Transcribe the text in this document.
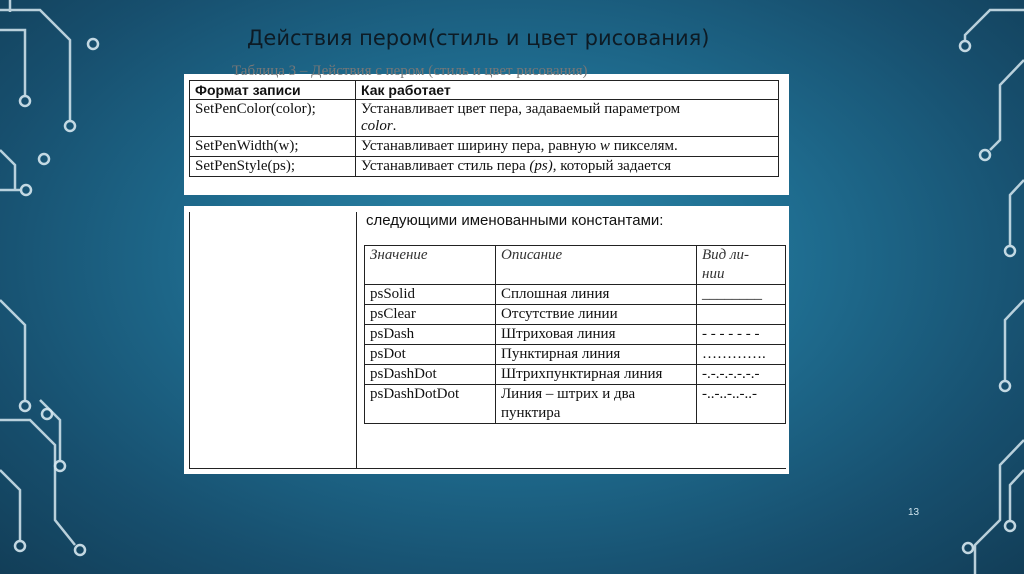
Действия пером(стиль и цвет рисования)
Таблица 3 – Действия с пером (стиль и цвет рисования)
Формат записи	Как работает
SetPenColor(color);	Устанавливает цвет пера, задаваемый параметром
color.
SetPenWidth(w);	Устанавливает ширину пера, равную w пикселям.
SetPenStyle(ps);	Устанавливает стиль пера (ps), который задается
следующими именованными константами:
Значение	Описание	Вид ли-
нии
psSolid	Сплошная линия	________
psClear	Отсутствие линии	
psDash	Штриховая линия	- - - - - - -
psDot	Пунктирная линия	………….
psDashDot	Штрихпунктирная линия	-.-.-.-.-.-.-
psDashDotDot	Линия – штрих и два пунктира	-..-..-..-..-
13
